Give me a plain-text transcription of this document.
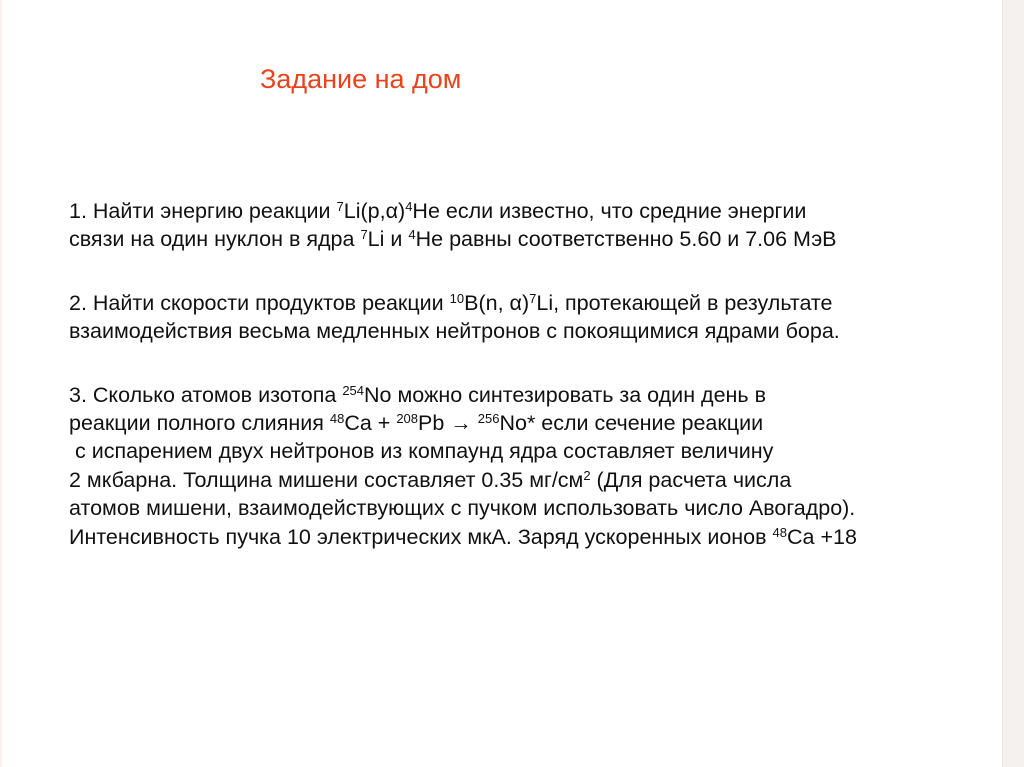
Задание на дом
1. Найти энергию реакции $^7Li(p,\alpha)^4He$ если известно, что средние энергии
связи на один нуклон в ядра $^7$Li и $^4$He равны соответственно 5.60 и 7.06 МэВ
2. Найти скорости продуктов реакции $^{10}$B(n, α)$^7$Li, протекающей в результате
взаимодействия весьма медленных нейтронов с покоящимися ядрами бора.
3. Сколько атомов изотопа $^{254}$No можно синтезировать за один день в
реакции полного слияния $^{48}$Ca + $^{208}$Pb → $^{256}$No* если сечение реакции
с испарением двух нейтронов из компаунд ядра составляет величину
2 мкбарна. Толщина мишени составляет 0.35 $мг/см^2$ (Для расчета числа
атомов мишени, взаимодействующих с пучком использовать число Авогадро).
Интенсивность пучка 10 электрических мкА. Заряд ускоренных ионов $^{48}$Ca +18
